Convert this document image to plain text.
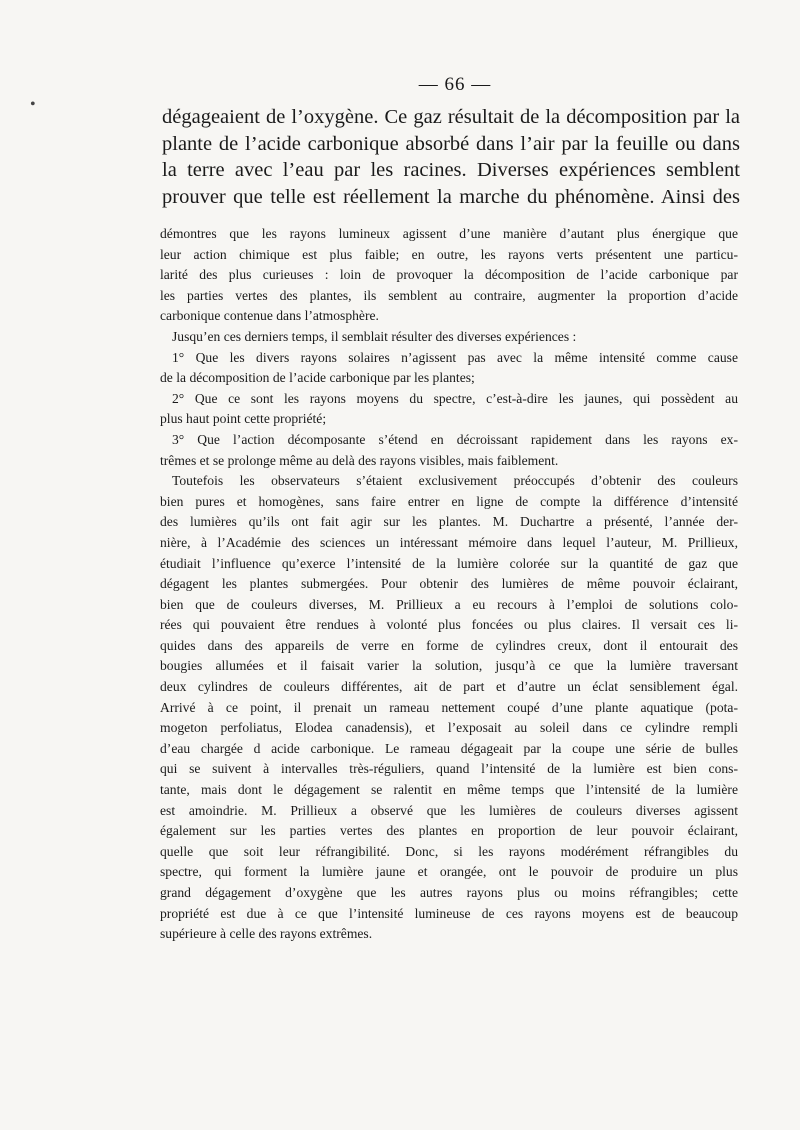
•
— 66 —
dégageaient de l’oxygène. Ce gaz résultait de la décomposition par la
plante de l’acide carbonique absorbé dans l’air par la feuille ou dans
la terre avec l’eau par les racines. Diverses expériences semblent
prouver que telle est réellement la marche du phénomène. Ainsi des
démontres que les rayons lumineux agissent d’une manière d’autant plus énergique que
leur action chimique est plus faible; en outre, les rayons verts présentent une particu-
larité des plus curieuses : loin de provoquer la décomposition de l’acide carbonique par
les parties vertes des plantes, ils semblent au contraire, augmenter la proportion d’acide
carbonique contenue dans l’atmosphère.
Jusqu’en ces derniers temps, il semblait résulter des diverses expériences :
1° Que les divers rayons solaires n’agissent pas avec la même intensité comme cause
de la décomposition de l’acide carbonique par les plantes;
2° Que ce sont les rayons moyens du spectre, c’est-à-dire les jaunes, qui possèdent au
plus haut point cette propriété;
3° Que l’action décomposante s’étend en décroissant rapidement dans les rayons ex-
trêmes et se prolonge même au delà des rayons visibles, mais faiblement.
Toutefois les observateurs s’étaient exclusivement préoccupés d’obtenir des couleurs
bien pures et homogènes, sans faire entrer en ligne de compte la différence d’intensité
des lumières qu’ils ont fait agir sur les plantes. M. Duchartre a présenté, l’année der-
nière, à l’Académie des sciences un intéressant mémoire dans lequel l’auteur, M. Prillieux,
étudiait l’influence qu’exerce l’intensité de la lumière colorée sur la quantité de gaz que
dégagent les plantes submergées. Pour obtenir des lumières de même pouvoir éclairant,
bien que de couleurs diverses, M. Prillieux a eu recours à l’emploi de solutions colo-
rées qui pouvaient être rendues à volonté plus foncées ou plus claires. Il versait ces li-
quides dans des appareils de verre en forme de cylindres creux, dont il entourait des
bougies allumées et il faisait varier la solution, jusqu’à ce que la lumière traversant
deux cylindres de couleurs différentes, ait de part et d’autre un éclat sensiblement égal.
Arrivé à ce point, il prenait un rameau nettement coupé d’une plante aquatique (pota-
mogeton perfoliatus, Elodea canadensis), et l’exposait au soleil dans ce cylindre rempli
d’eau chargée d acide carbonique. Le rameau dégageait par la coupe une série de bulles
qui se suivent à intervalles très-réguliers, quand l’intensité de la lumière est bien cons-
tante, mais dont le dégagement se ralentit en même temps que l’intensité de la lumière
est amoindrie. M. Prillieux a observé que les lumières de couleurs diverses agissent
également sur les parties vertes des plantes en proportion de leur pouvoir éclairant,
quelle que soit leur réfrangibilité. Donc, si les rayons modérément réfrangibles du
spectre, qui forment la lumière jaune et orangée, ont le pouvoir de produire un plus
grand dégagement d’oxygène que les autres rayons plus ou moins réfrangibles; cette
propriété est due à ce que l’intensité lumineuse de ces rayons moyens est de beaucoup
supérieure à celle des rayons extrêmes.
